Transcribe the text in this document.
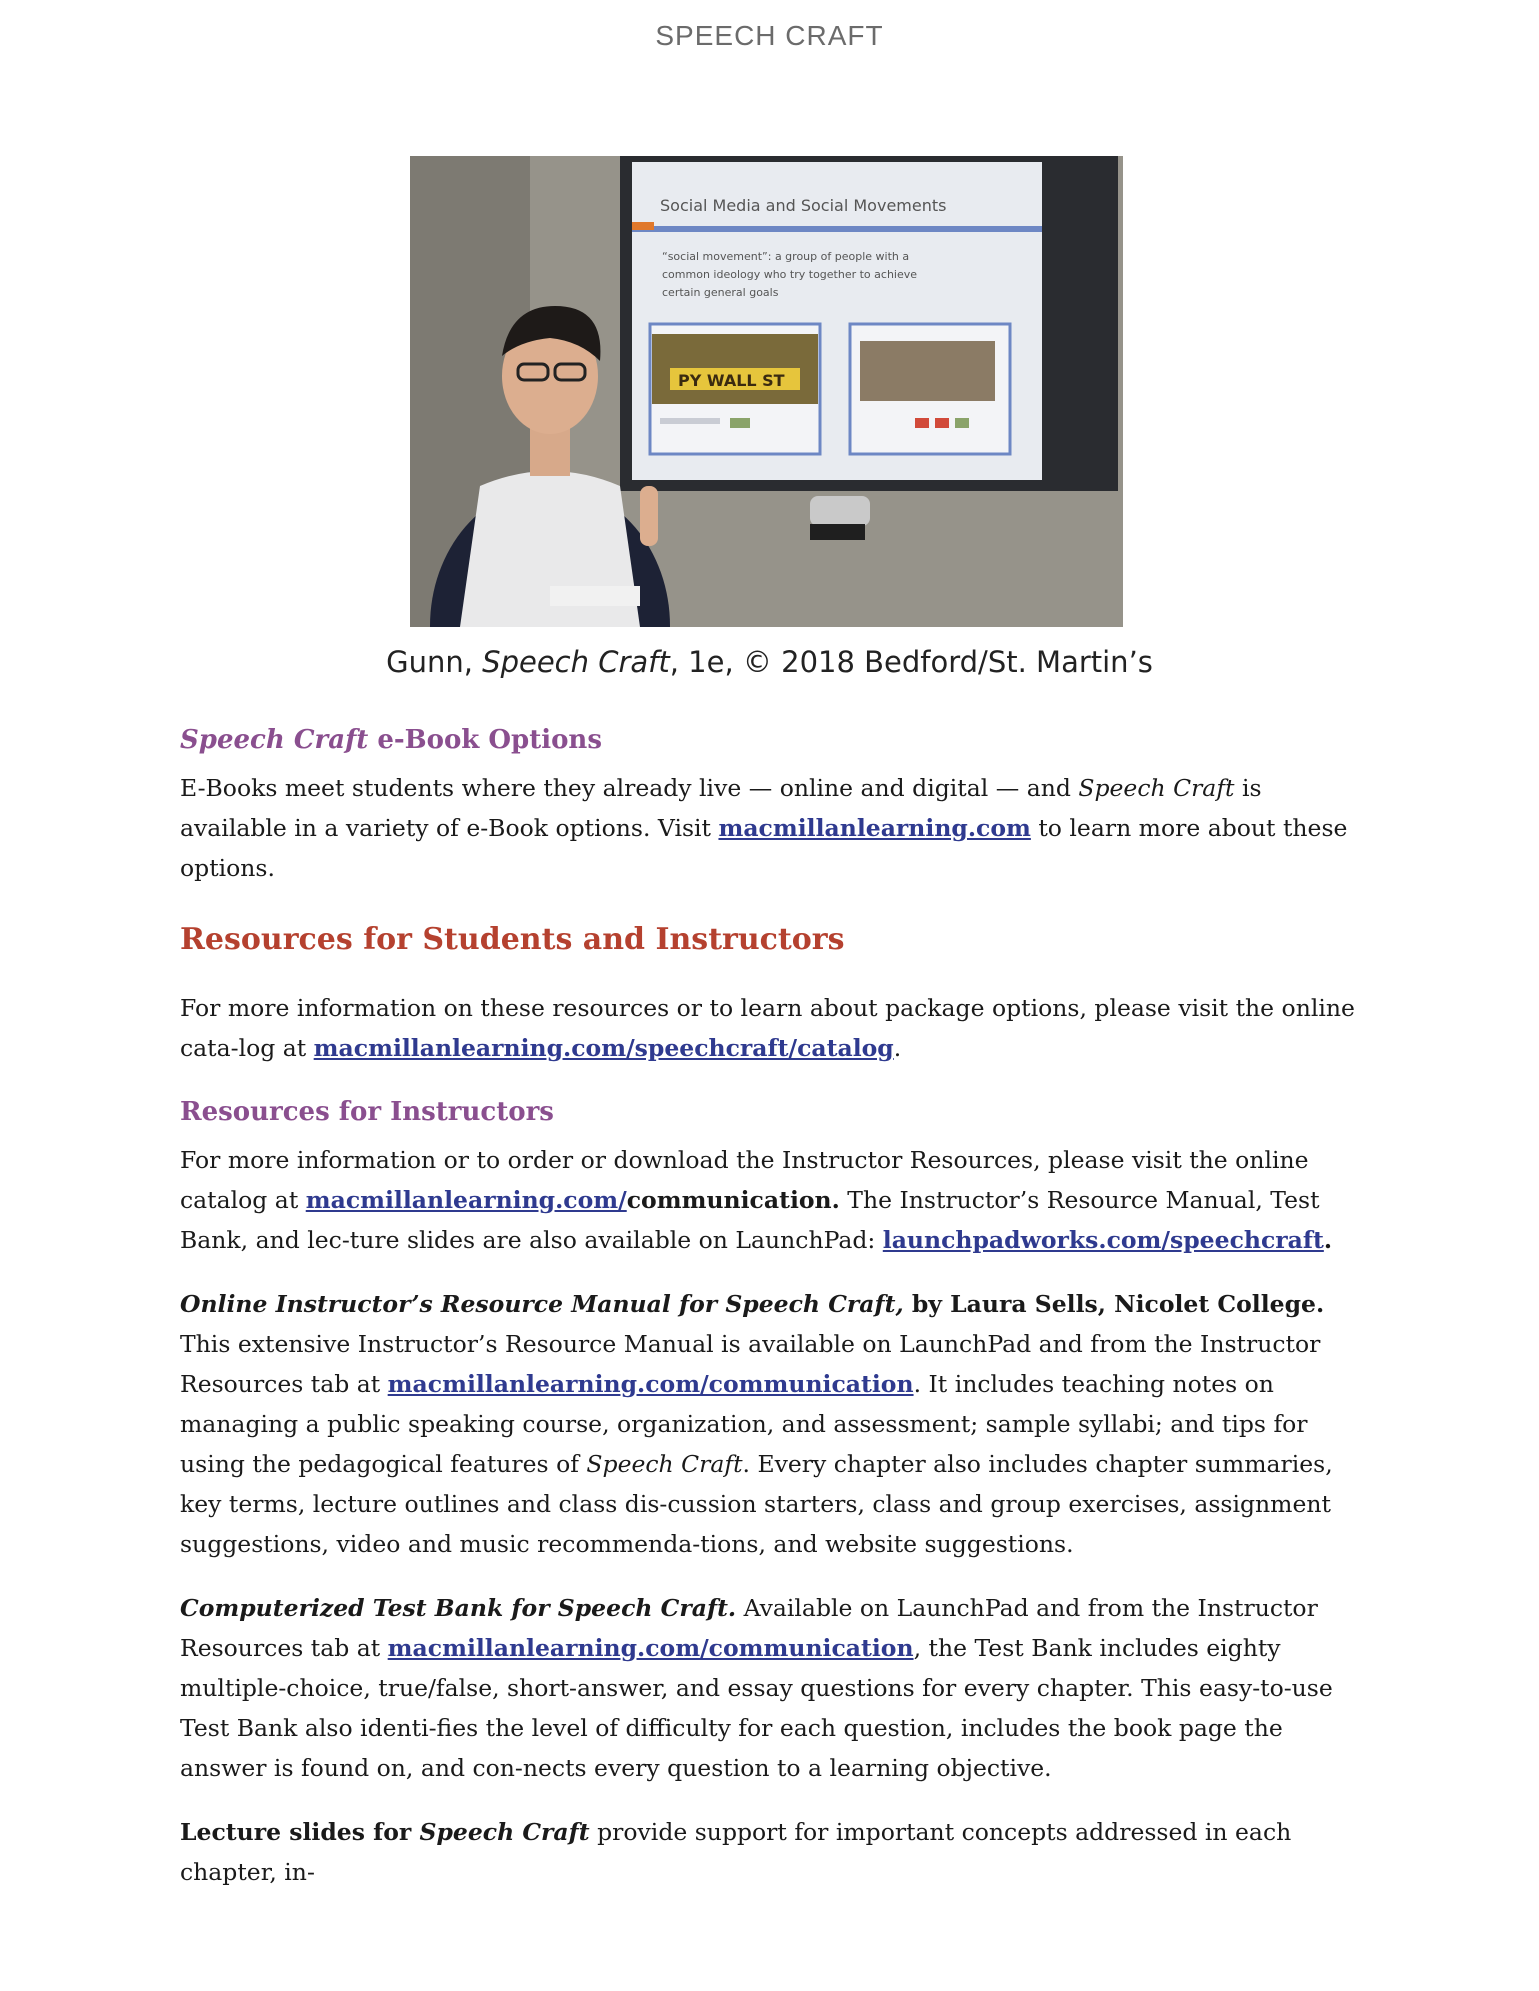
SPEECH CRAFT
Social Media and Social Movements
“social movement”: a group of people with a
common ideology who try together to achieve
certain general goals
PY WALL ST
Gunn, Speech Craft, 1e, © 2018 Bedford/St. Martin’s
Speech Craft e-Book Options

E-Books meet students where they already live — online and digital — and Speech Craft is available in a variety of e-Book options. Visit macmillanlearning.com to learn more about these options.

Resources for Students and Instructors

For more information on these resources or to learn about package options, please visit the online cata-log at macmillanlearning.com/speechcraft/catalog.

Resources for Instructors

For more information or to order or download the Instructor Resources, please visit the online catalog at macmillanlearning.com/communication. The Instructor’s Resource Manual, Test Bank, and lec-ture slides are also available on LaunchPad: launchpadworks.com/speechcraft.

Online Instructor’s Resource Manual for Speech Craft, by Laura Sells, Nicolet College. This extensive Instructor’s Resource Manual is available on LaunchPad and from the Instructor Resources tab at macmillanlearning.com/communication. It includes teaching notes on managing a public speaking course, organization, and assessment; sample syllabi; and tips for using the pedagogical features of Speech Craft. Every chapter also includes chapter summaries, key terms, lecture outlines and class dis-cussion starters, class and group exercises, assignment suggestions, video and music recommenda-tions, and website suggestions.

Computerized Test Bank for Speech Craft. Available on LaunchPad and from the Instructor Resources tab at macmillanlearning.com/communication, the Test Bank includes eighty multiple-choice, true/false, short-answer, and essay questions for every chapter. This easy-to-use Test Bank also identi-fies the level of difficulty for each question, includes the book page the answer is found on, and con-nects every question to a learning objective.

Lecture slides for Speech Craft provide support for important concepts addressed in each chapter, in-
